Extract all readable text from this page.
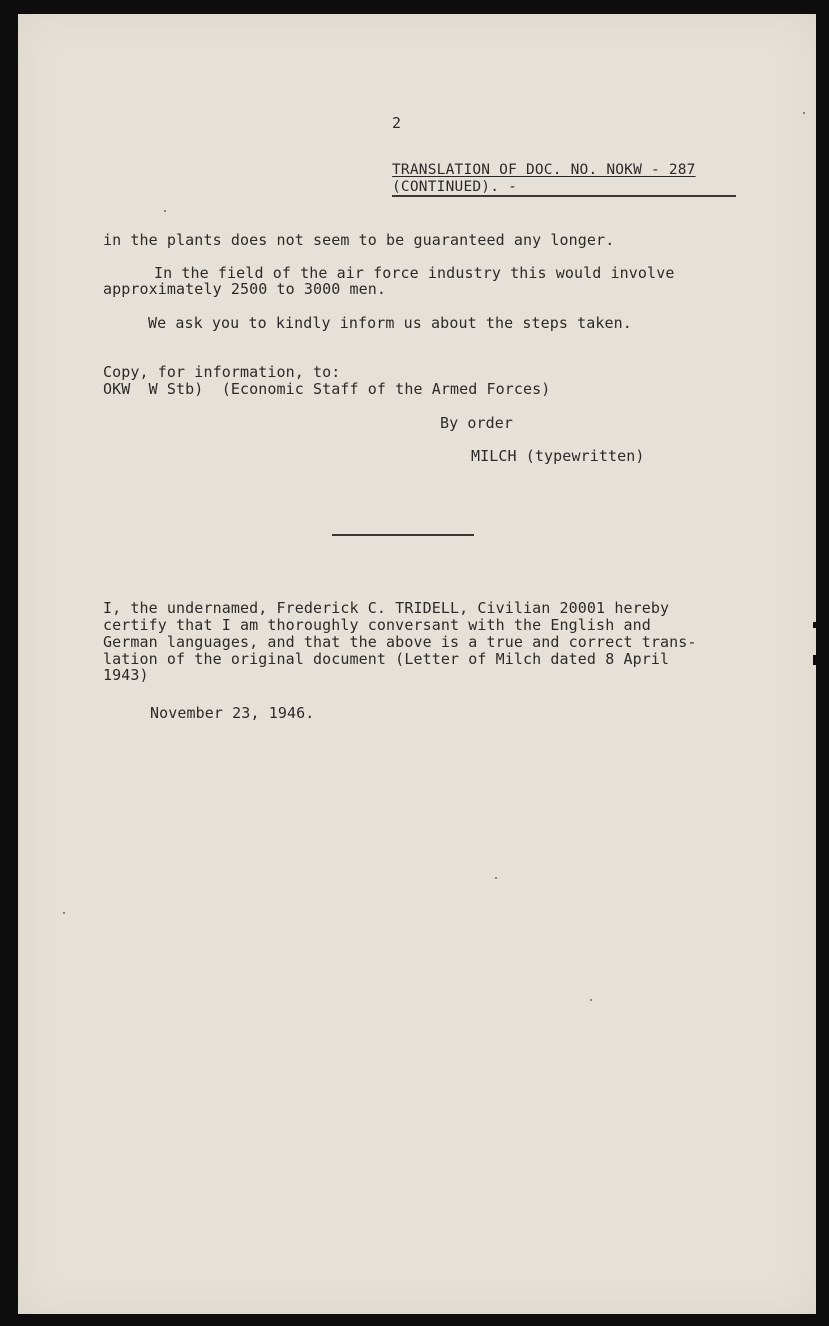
2
TRANSLATION OF DOC. NO. NOKW - 287
(CONTINUED). -
in the plants does not seem to be guaranteed any longer.
In the field of the air force industry this would involve
approximately 2500 to 3000 men.
We ask you to kindly inform us about the steps taken.
Copy, for information, to:
OKW  W Stb)  (Economic Staff of the Armed Forces)
By order
MILCH (typewritten)
I, the undernamed, Frederick C. TRIDELL, Civilian 20001 hereby
certify that I am thoroughly conversant with the English and
German languages, and that the above is a true and correct trans-
lation of the original document (Letter of Milch dated 8 April
1943)
November 23, 1946.
